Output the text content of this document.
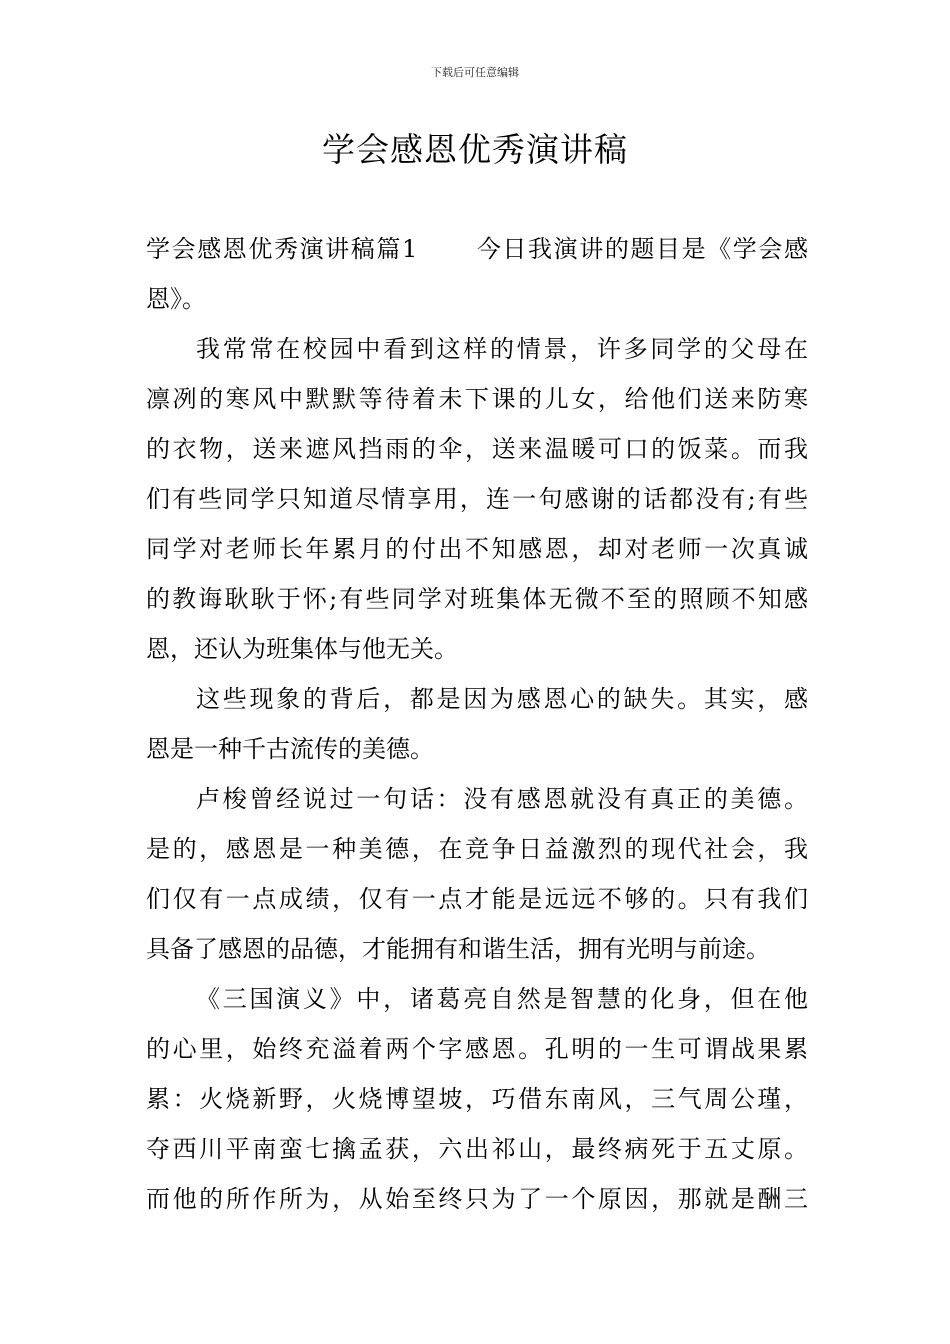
下载后可任意编辑
学会感恩优秀演讲稿
学会感恩优秀演讲稿篇1 今日我演讲的题目是《学会感
恩》。
我常常在校园中看到这样的情景，许多同学的父母在
凛冽的寒风中默默等待着未下课的儿女，给他们送来防寒
的衣物，送来遮风挡雨的伞，送来温暖可口的饭菜。而我
们有些同学只知道尽情享用，连一句感谢的话都没有;有些
同学对老师长年累月的付出不知感恩，却对老师一次真诚
的教诲耿耿于怀;有些同学对班集体无微不至的照顾不知感
恩，还认为班集体与他无关。
这些现象的背后，都是因为感恩心的缺失。其实，感
恩是一种千古流传的美德。
卢梭曾经说过一句话：没有感恩就没有真正的美德。
是的，感恩是一种美德，在竞争日益激烈的现代社会，我
们仅有一点成绩，仅有一点才能是远远不够的。只有我们
具备了感恩的品德，才能拥有和谐生活，拥有光明与前途。
《三国演义》中，诸葛亮自然是智慧的化身，但在他
的心里，始终充溢着两个字感恩。孔明的一生可谓战果累
累：火烧新野，火烧博望坡，巧借东南风，三气周公瑾，
夺西川平南蛮七擒孟获，六出祁山，最终病死于五丈原。
而他的所作所为，从始至终只为了一个原因，那就是酬三
